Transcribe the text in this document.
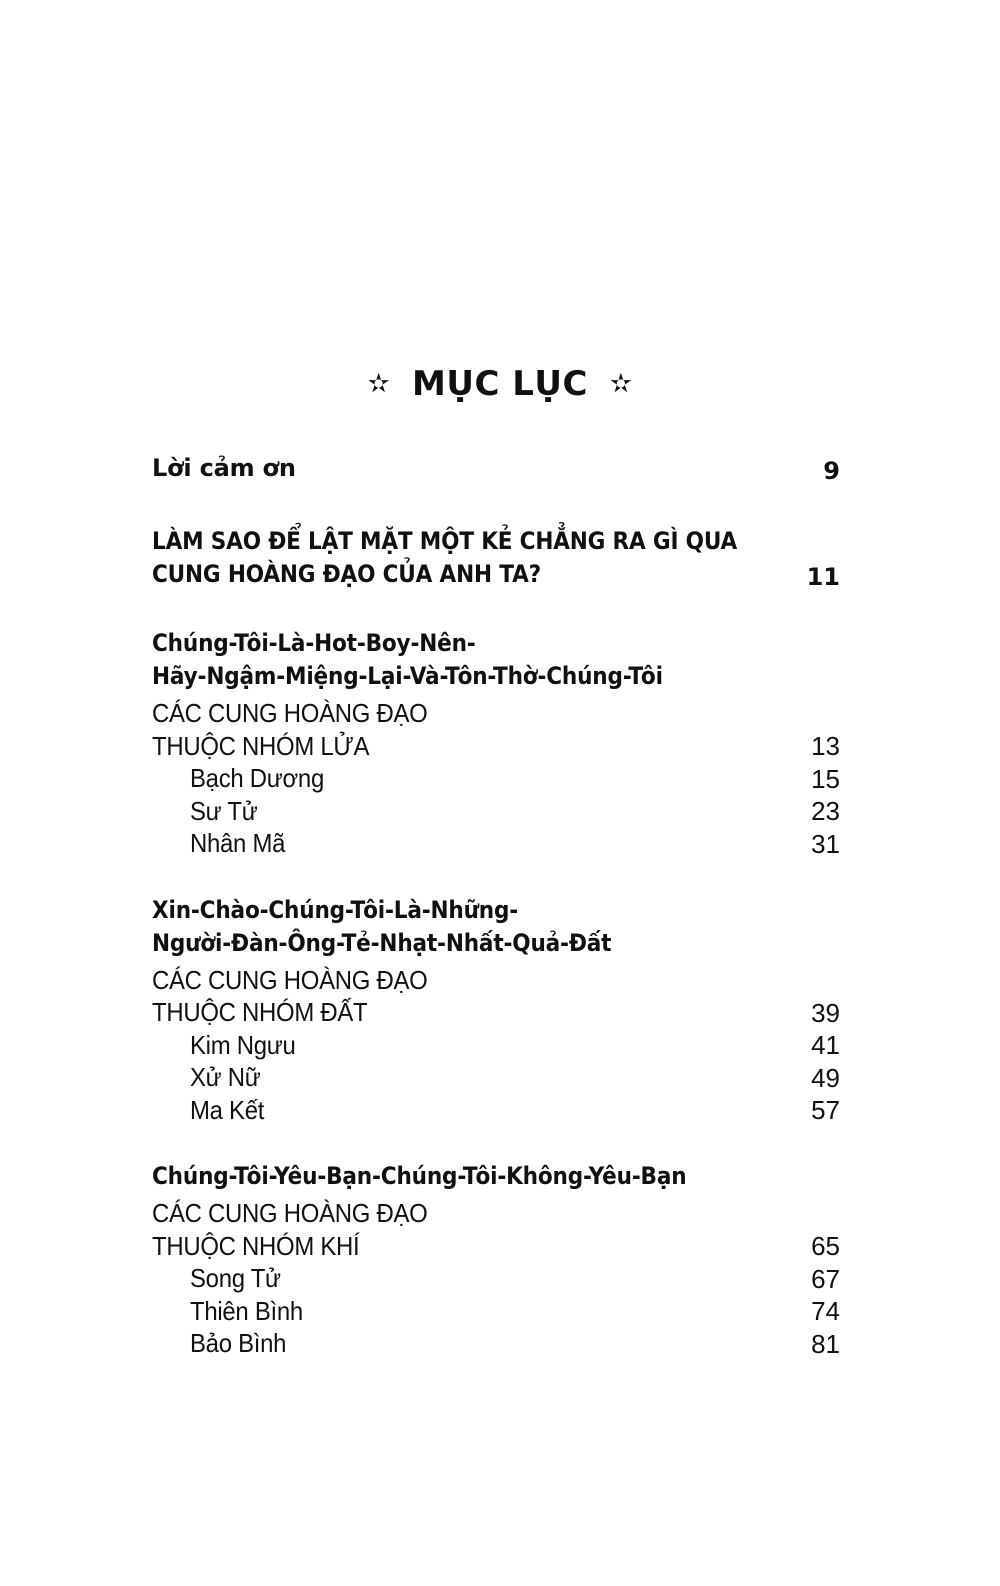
✫ MỤC LỤC ✫
Lời cảm ơn	9
LÀM SAO ĐỂ LẬT MẶT MỘT KẺ CHẲNG RA GÌ QUA
CUNG HOÀNG ĐẠO CỦA ANH TA?	11
Chúng-Tôi-Là-Hot-Boy-Nên-
Hãy-Ngậm-Miệng-Lại-Và-Tôn-Thờ-Chúng-Tôi
CÁC CUNG HOÀNG ĐẠO
THUỘC NHÓM LỬA	13
Bạch Dương	15
Sư Tử	23
Nhân Mã	31
Xin-Chào-Chúng-Tôi-Là-Những-
Người-Đàn-Ông-Tẻ-Nhạt-Nhất-Quả-Đất
CÁC CUNG HOÀNG ĐẠO
THUỘC NHÓM ĐẤT	39
Kim Ngưu	41
Xử Nữ	49
Ma Kết	57
Chúng-Tôi-Yêu-Bạn-Chúng-Tôi-Không-Yêu-Bạn
CÁC CUNG HOÀNG ĐẠO
THUỘC NHÓM KHÍ	65
Song Tử	67
Thiên Bình	74
Bảo Bình	81
